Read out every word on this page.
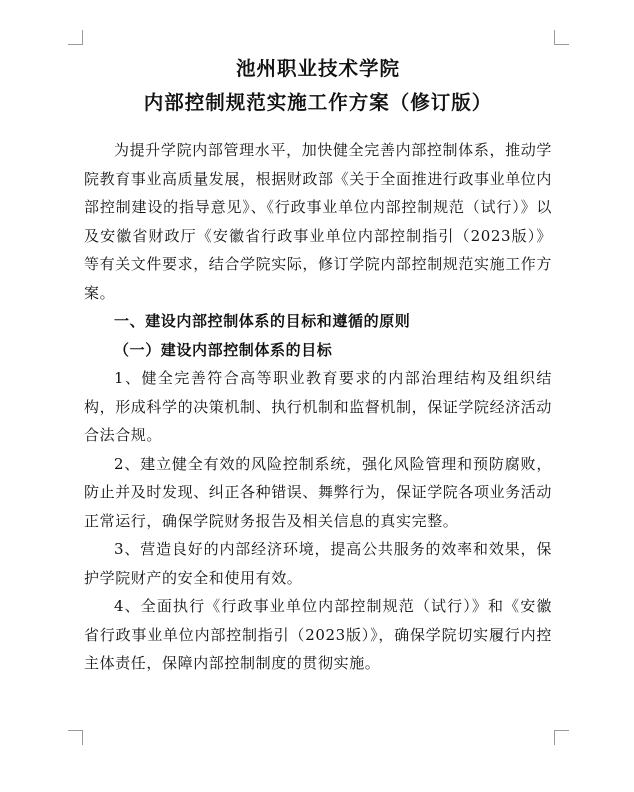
池州职业技术学院
内部控制规范实施工作方案（修订版）

为提升学院内部管理水平，加快健全完善内部控制体系，推动学院教育事业高质量发展，根据财政部《关于全面推进行政事业单位内部控制建设的指导意见》、《行政事业单位内部控制规范（试行）》以及安徽省财政厅《安徽省行政事业单位内部控制指引（2023版）》等有关文件要求，结合学院实际，修订学院内部控制规范实施工作方案。

一、建设内部控制体系的目标和遵循的原则

（一）建设内部控制体系的目标

1、健全完善符合高等职业教育要求的内部治理结构及组织结构，形成科学的决策机制、执行机制和监督机制，保证学院经济活动合法合规。

2、建立健全有效的风险控制系统，强化风险管理和预防腐败，防止并及时发现、纠正各种错误、舞弊行为，保证学院各项业务活动正常运行，确保学院财务报告及相关信息的真实完整。

3、营造良好的内部经济环境，提高公共服务的效率和效果，保护学院财产的安全和使用有效。

4、全面执行《行政事业单位内部控制规范（试行）》和《安徽省行政事业单位内部控制指引（2023版）》，确保学院切实履行内控主体责任，保障内部控制制度的贯彻实施。
